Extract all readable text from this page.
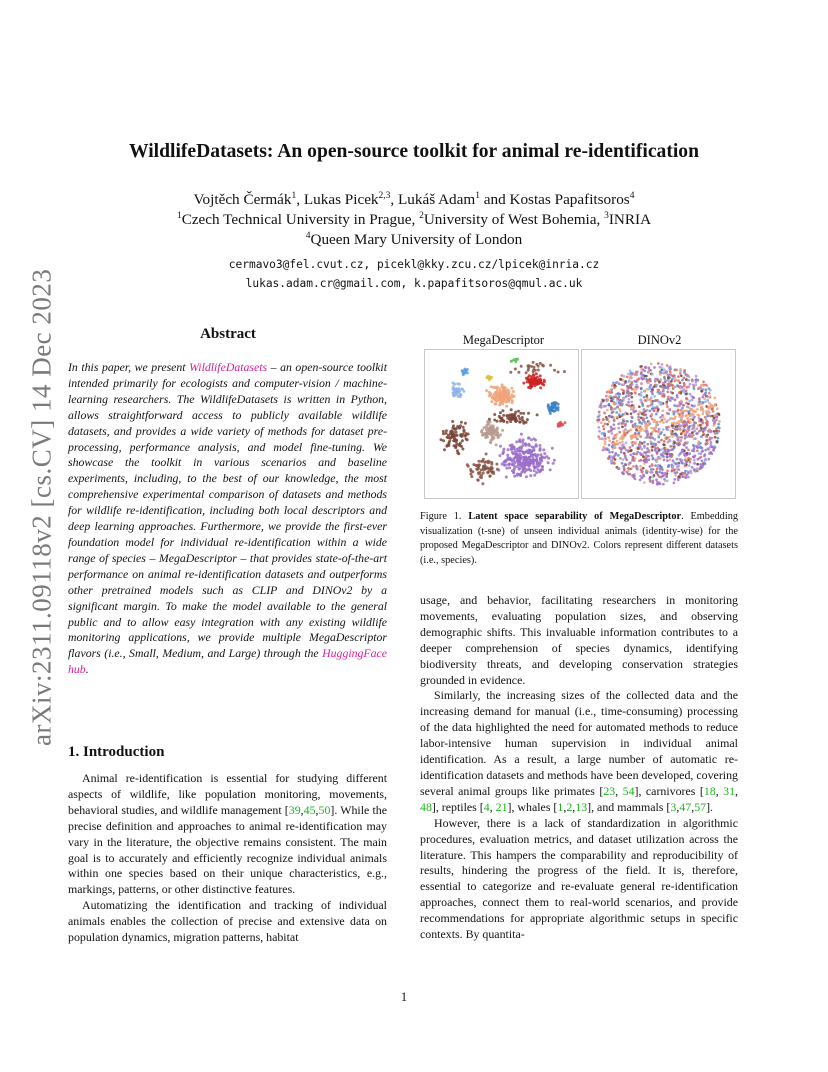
arXiv:2311.09118v2 [cs.CV] 14 Dec 2023
WildlifeDatasets: An open-source toolkit for animal re-identification
Vojtěch Čermák$^1$, Lukas Picek$^{2,3}$, Lukáš Adam$^1$ and Kostas Papafitsoros$^4$
$^1$Czech Technical University in Prague, $^2$University of West Bohemia, $^3$INRIA
$^4$Queen Mary University of London
cermavo3@fel.cvut.cz, picekl@kky.zcu.cz/lpicek@inria.cz
lukas.adam.cr@gmail.com, k.papafitsoros@qmul.ac.uk
Abstract
In this paper, we present WildlifeDatasets – an open-source toolkit intended primarily for ecologists and computer-vision / machine-learning researchers. The WildlifeDatasets is written in Python, allows straightforward access to publicly available wildlife datasets, and provides a wide variety of methods for dataset pre-processing, performance analysis, and model fine-tuning. We showcase the toolkit in various scenarios and baseline experiments, including, to the best of our knowledge, the most comprehensive experimental comparison of datasets and methods for wildlife re-identification, including both local descriptors and deep learning approaches. Furthermore, we provide the first-ever foundation model for individual re-identification within a wide range of species – MegaDescriptor – that provides state-of-the-art performance on animal re-identification datasets and outperforms other pretrained models such as CLIP and DINOv2 by a significant margin. To make the model available to the general public and to allow easy integration with any existing wildlife monitoring applications, we provide multiple MegaDescriptor flavors (i.e., Small, Medium, and Large) through the HuggingFace hub.
1. Introduction

Animal re-identification is essential for studying different aspects of wildlife, like population monitoring, movements, behavioral studies, and wildlife management [39,45,50]. While the precise definition and approaches to animal re-identification may vary in the literature, the objective remains consistent. The main goal is to accurately and efficiently recognize individual animals within one species based on their unique characteristics, e.g., markings, patterns, or other distinctive features.

Automatizing the identification and tracking of individual animals enables the collection of precise and extensive data on population dynamics, migration patterns, habitat

MegaDescriptor	DINOv2
Figure 1. Latent space separability of MegaDescriptor. Embedding visualization (t-sne) of unseen individual animals (identity-wise) for the proposed MegaDescriptor and DINOv2. Colors represent different datasets (i.e., species).

usage, and behavior, facilitating researchers in monitoring movements, evaluating population sizes, and observing demographic shifts. This invaluable information contributes to a deeper comprehension of species dynamics, identifying biodiversity threats, and developing conservation strategies grounded in evidence.

Similarly, the increasing sizes of the collected data and the increasing demand for manual (i.e., time-consuming) processing of the data highlighted the need for automated methods to reduce labor-intensive human supervision in individual animal identification. As a result, a large number of automatic re-identification datasets and methods have been developed, covering several animal groups like primates [23, 54], carnivores [18, 31, 48], reptiles [4, 21], whales [1,2,13], and mammals [3,47,57].

However, there is a lack of standardization in algorithmic procedures, evaluation metrics, and dataset utilization across the literature. This hampers the comparability and reproducibility of results, hindering the progress of the field. It is, therefore, essential to categorize and re-evaluate general re-identification approaches, connect them to real-world scenarios, and provide recommendations for appropriate algorithmic setups in specific contexts. By quantita-

1
